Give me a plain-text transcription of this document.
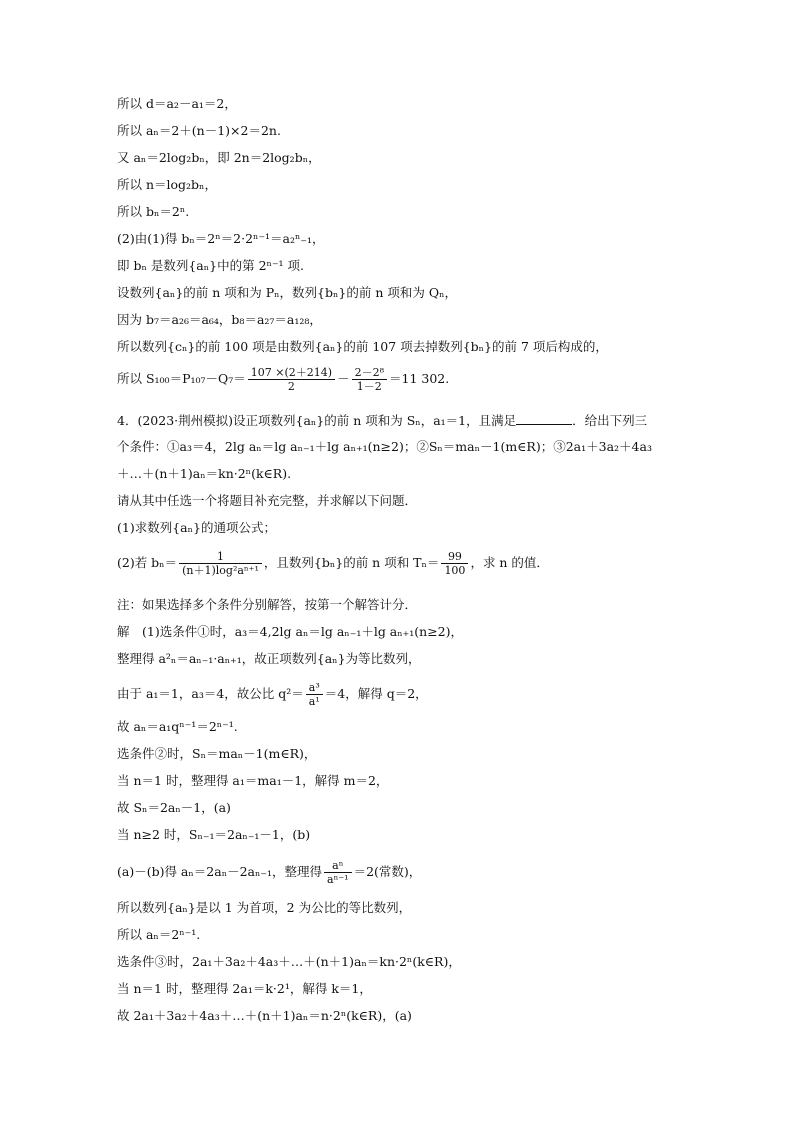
所以 d＝a₂－a₁＝2，
所以 aₙ＝2＋(n－1)×2＝2n.
又 aₙ＝2log₂bₙ，即 2n＝2log₂bₙ，
所以 n＝log₂bₙ，
所以 bₙ＝2ⁿ.
(2)由(1)得 bₙ＝2ⁿ＝2·2ⁿ⁻¹＝a₂ⁿ₋₁，
即 bₙ 是数列{aₙ}中的第 2ⁿ⁻¹ 项.
设数列{aₙ}的前 n 项和为 Pₙ，数列{bₙ}的前 n 项和为 Qₙ，
因为 b₇＝a₂₆＝a₆₄，b₈＝a₂₇＝a₁₂₈，
所以数列{cₙ}的前 100 项是由数列{aₙ}的前 107 项去掉数列{bₙ}的前 7 项后构成的，
所以 $S_{100}=P_{107}-Q_7= \frac{107 \times(2+214)}{2} - \frac{\text{2－2⁸}}{1-2} =11$ 302.
4．(2023·荆州模拟)设正项数列{aₙ}的前 n 项和为 Sₙ，a₁＝1，且满足	．给出下列三
个条件：①a₃＝4，2lg aₙ＝lg aₙ₋₁＋lg aₙ₊₁(n≥2)；②Sₙ＝maₙ－1(m∈R)；③2a₁＋3a₂＋4a₃
＋…＋(n＋1)aₙ＝kn·2ⁿ(k∈R).
请从其中任选一个将题目补充完整，并求解以下问题．
(1)求数列{aₙ}的通项公式；
(2)若 $b_n= \frac{1}{\text{(n＋1)log²aⁿ⁺¹}}$ ，且数列{bₙ}的前 n 项和 $T_n= \frac{99}{100}$ ，求 n 的值．
注：如果选择多个条件分别解答，按第一个解答计分．
解　(1)选条件①时，a₃＝4,2lg aₙ＝lg aₙ₋₁＋lg aₙ₊₁(n≥2)，
整理得 a²ₙ＝aₙ₋₁·aₙ₊₁，故正项数列{aₙ}为等比数列，
由于 a₁＝1，a₃＝4，故公比 $q^2= \frac{\text{a³}}{\text{a¹}} =4$，解得 q＝2，
故 aₙ＝a₁qⁿ⁻¹＝2ⁿ⁻¹.
选条件②时，Sₙ＝maₙ－1(m∈R)，
当 n＝1 时，整理得 a₁＝ma₁－1，解得 m＝2，
故 Sₙ＝2aₙ－1，(a)
当 n≥2 时，Sₙ₋₁＝2aₙ₋₁－1，(b)
(a)－(b)得 aₙ＝2aₙ－2aₙ₋₁，整理得 $\frac{\text{aⁿ}}{\text{aⁿ⁻¹}} =2$(常数)，
所以数列{aₙ}是以 1 为首项，2 为公比的等比数列，
所以 aₙ＝2ⁿ⁻¹.
选条件③时，2a₁＋3a₂＋4a₃＋…＋(n＋1)aₙ＝kn·2ⁿ(k∈R)，
当 n＝1 时，整理得 2a₁＝k·2¹，解得 k＝1，
故 2a₁＋3a₂＋4a₃＋…＋(n＋1)aₙ＝n·2ⁿ(k∈R)，(a)
